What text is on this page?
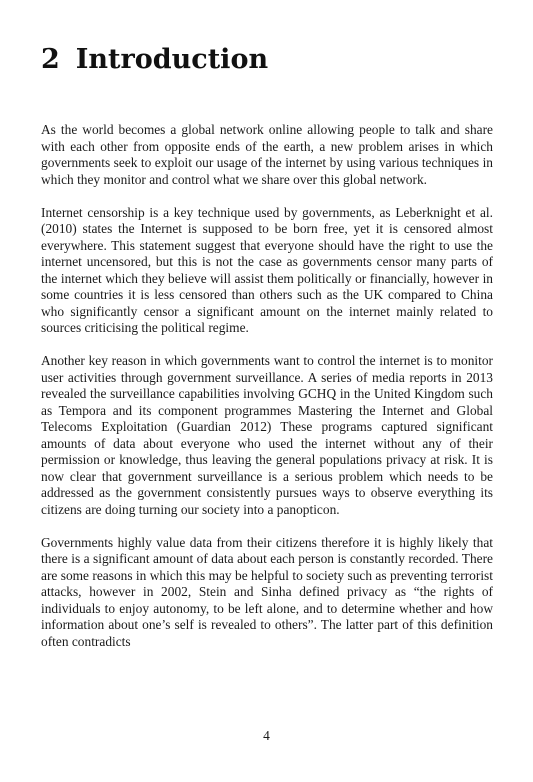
2 Introduction

As the world becomes a global network online allowing people to talk and share with each other from opposite ends of the earth, a new problem arises in which governments seek to exploit our usage of the internet by using various techniques in which they monitor and control what we share over this global network.

Internet censorship is a key technique used by governments, as Leberknight et al. (2010) states the Internet is supposed to be born free, yet it is censored almost everywhere. This statement suggest that everyone should have the right to use the internet uncensored, but this is not the case as governments censor many parts of the internet which they believe will assist them politically or financially, however in some countries it is less censored than others such as the UK compared to China who significantly censor a significant amount on the internet mainly related to sources criticising the political regime.

Another key reason in which governments want to control the internet is to monitor user activities through government surveillance. A series of media reports in 2013 revealed the surveillance capabilities involving GCHQ in the United Kingdom such as Tempora and its component programmes Mastering the Internet and Global Telecoms Exploitation (Guardian 2012) These programs captured significant amounts of data about everyone who used the internet without any of their permission or knowledge, thus leaving the general populations privacy at risk. It is now clear that government surveillance is a serious problem which needs to be addressed as the government consistently pursues ways to observe everything its citizens are doing turning our society into a panopticon.

Governments highly value data from their citizens therefore it is highly likely that there is a significant amount of data about each person is constantly recorded. There are some reasons in which this may be helpful to society such as preventing terrorist attacks, however in 2002, Stein and Sinha defined privacy as “the rights of individuals to enjoy autonomy, to be left alone, and to determine whether and how information about one’s self is revealed to others”. The latter part of this definition often contradicts

4
